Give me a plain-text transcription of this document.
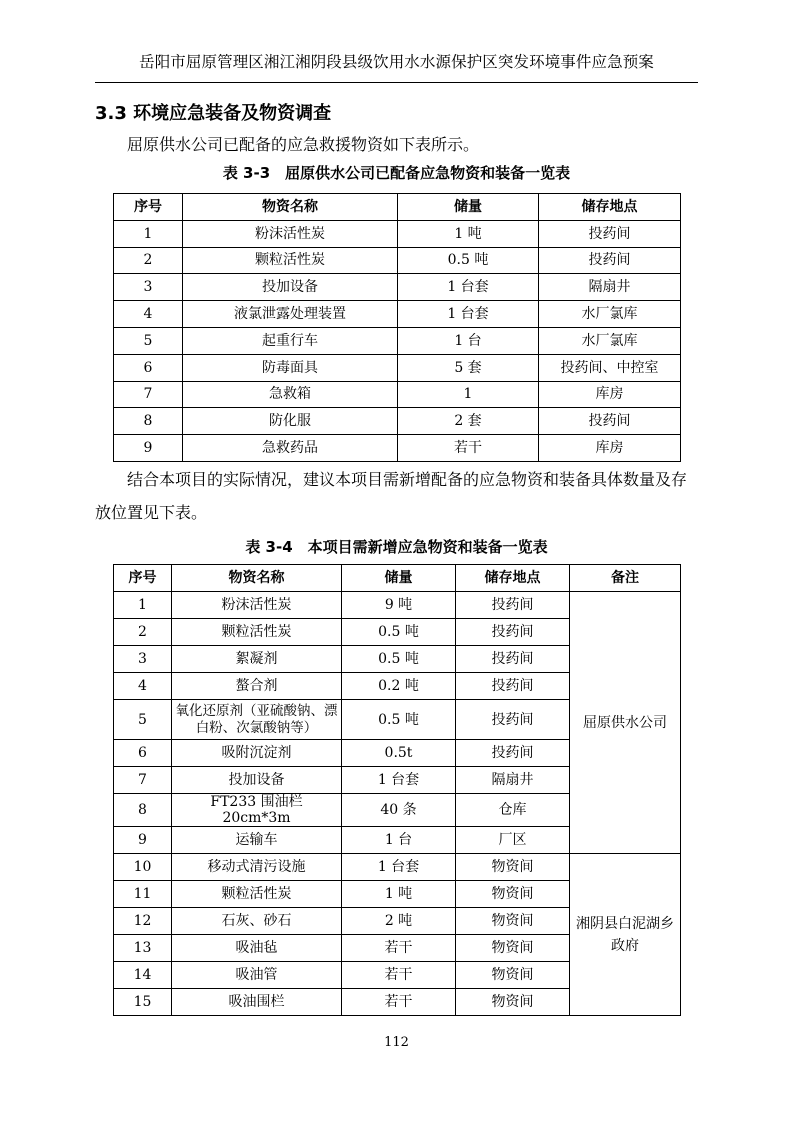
岳阳市屈原管理区湘江湘阴段县级饮用水水源保护区突发环境事件应急预案
3.3 环境应急装备及物资调查
屈原供水公司已配备的应急救援物资如下表所示。
表 3-3　屈原供水公司已配备应急物资和装备一览表
序号	物资名称	储量	储存地点
1	粉沫活性炭	1 吨	投药间
2	颗粒活性炭	0.5 吨	投药间
3	投加设备	1 台套	隔扇井
4	液氯泄露处理装置	1 台套	水厂氯库
5	起重行车	1 台	水厂氯库
6	防毒面具	5 套	投药间、中控室
7	急救箱	1	库房
8	防化服	2 套	投药间
9	急救药品	若干	库房
结合本项目的实际情况，建议本项目需新增配备的应急物资和装备具体数量及存放位置见下表。
表 3-4　本项目需新增应急物资和装备一览表
序号	物资名称	储量	储存地点	备注
1	粉沫活性炭	9 吨	投药间	屈原供水公司
2	颗粒活性炭	0.5 吨	投药间	
3	絮凝剂	0.5 吨	投药间	
4	螯合剂	0.2 吨	投药间	
5	氧化还原剂（亚硫酸钠、漂白粉、次氯酸钠等）	0.5 吨	投药间	
6	吸附沉淀剂	0.5t	投药间	
7	投加设备	1 台套	隔扇井	
8	FT233 围油栏 20cm*3m	40 条	仓库	
9	运输车	1 台	厂区	
10	移动式清污设施	1 台套	物资间	湘阴县白泥湖乡政府
11	颗粒活性炭	1 吨	物资间	
12	石灰、砂石	2 吨	物资间	
13	吸油毡	若干	物资间	
14	吸油管	若干	物资间	
15	吸油围栏	若干	物资间	
112
